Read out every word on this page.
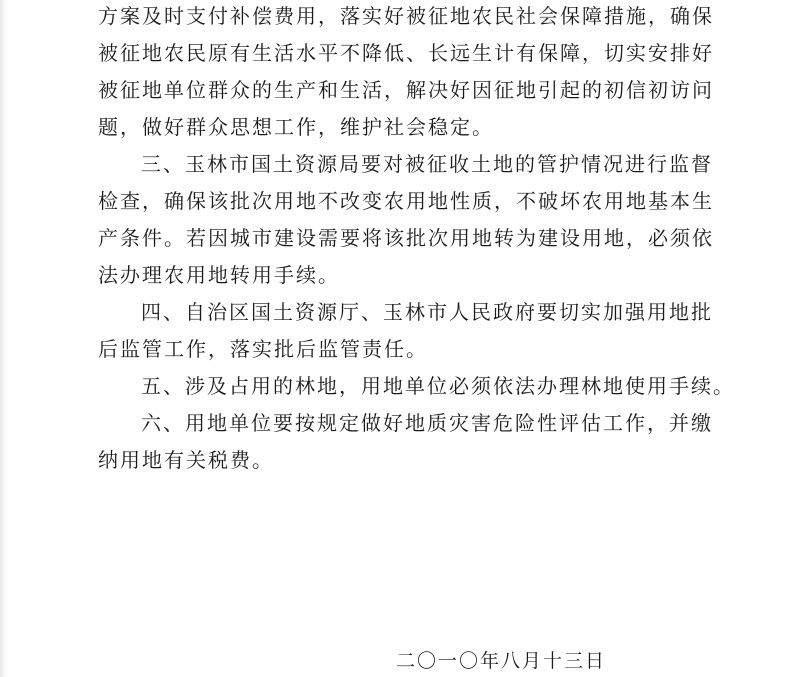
方案及时支付补偿费用，落实好被征地农民社会保障措施，确保
被征地农民原有生活水平不降低、长远生计有保障，切实安排好
被征地单位群众的生产和生活，解决好因征地引起的初信初访问
题，做好群众思想工作，维护社会稳定。
三、玉林市国土资源局要对被征收土地的管护情况进行监督
检查，确保该批次用地不改变农用地性质，不破坏农用地基本生
产条件。若因城市建设需要将该批次用地转为建设用地，必须依
法办理农用地转用手续。
四、自治区国土资源厅、玉林市人民政府要切实加强用地批
后监管工作，落实批后监管责任。
五、涉及占用的林地，用地单位必须依法办理林地使用手续。
六、用地单位要按规定做好地质灾害危险性评估工作，并缴
纳用地有关税费。
二〇一〇年八月十三日
